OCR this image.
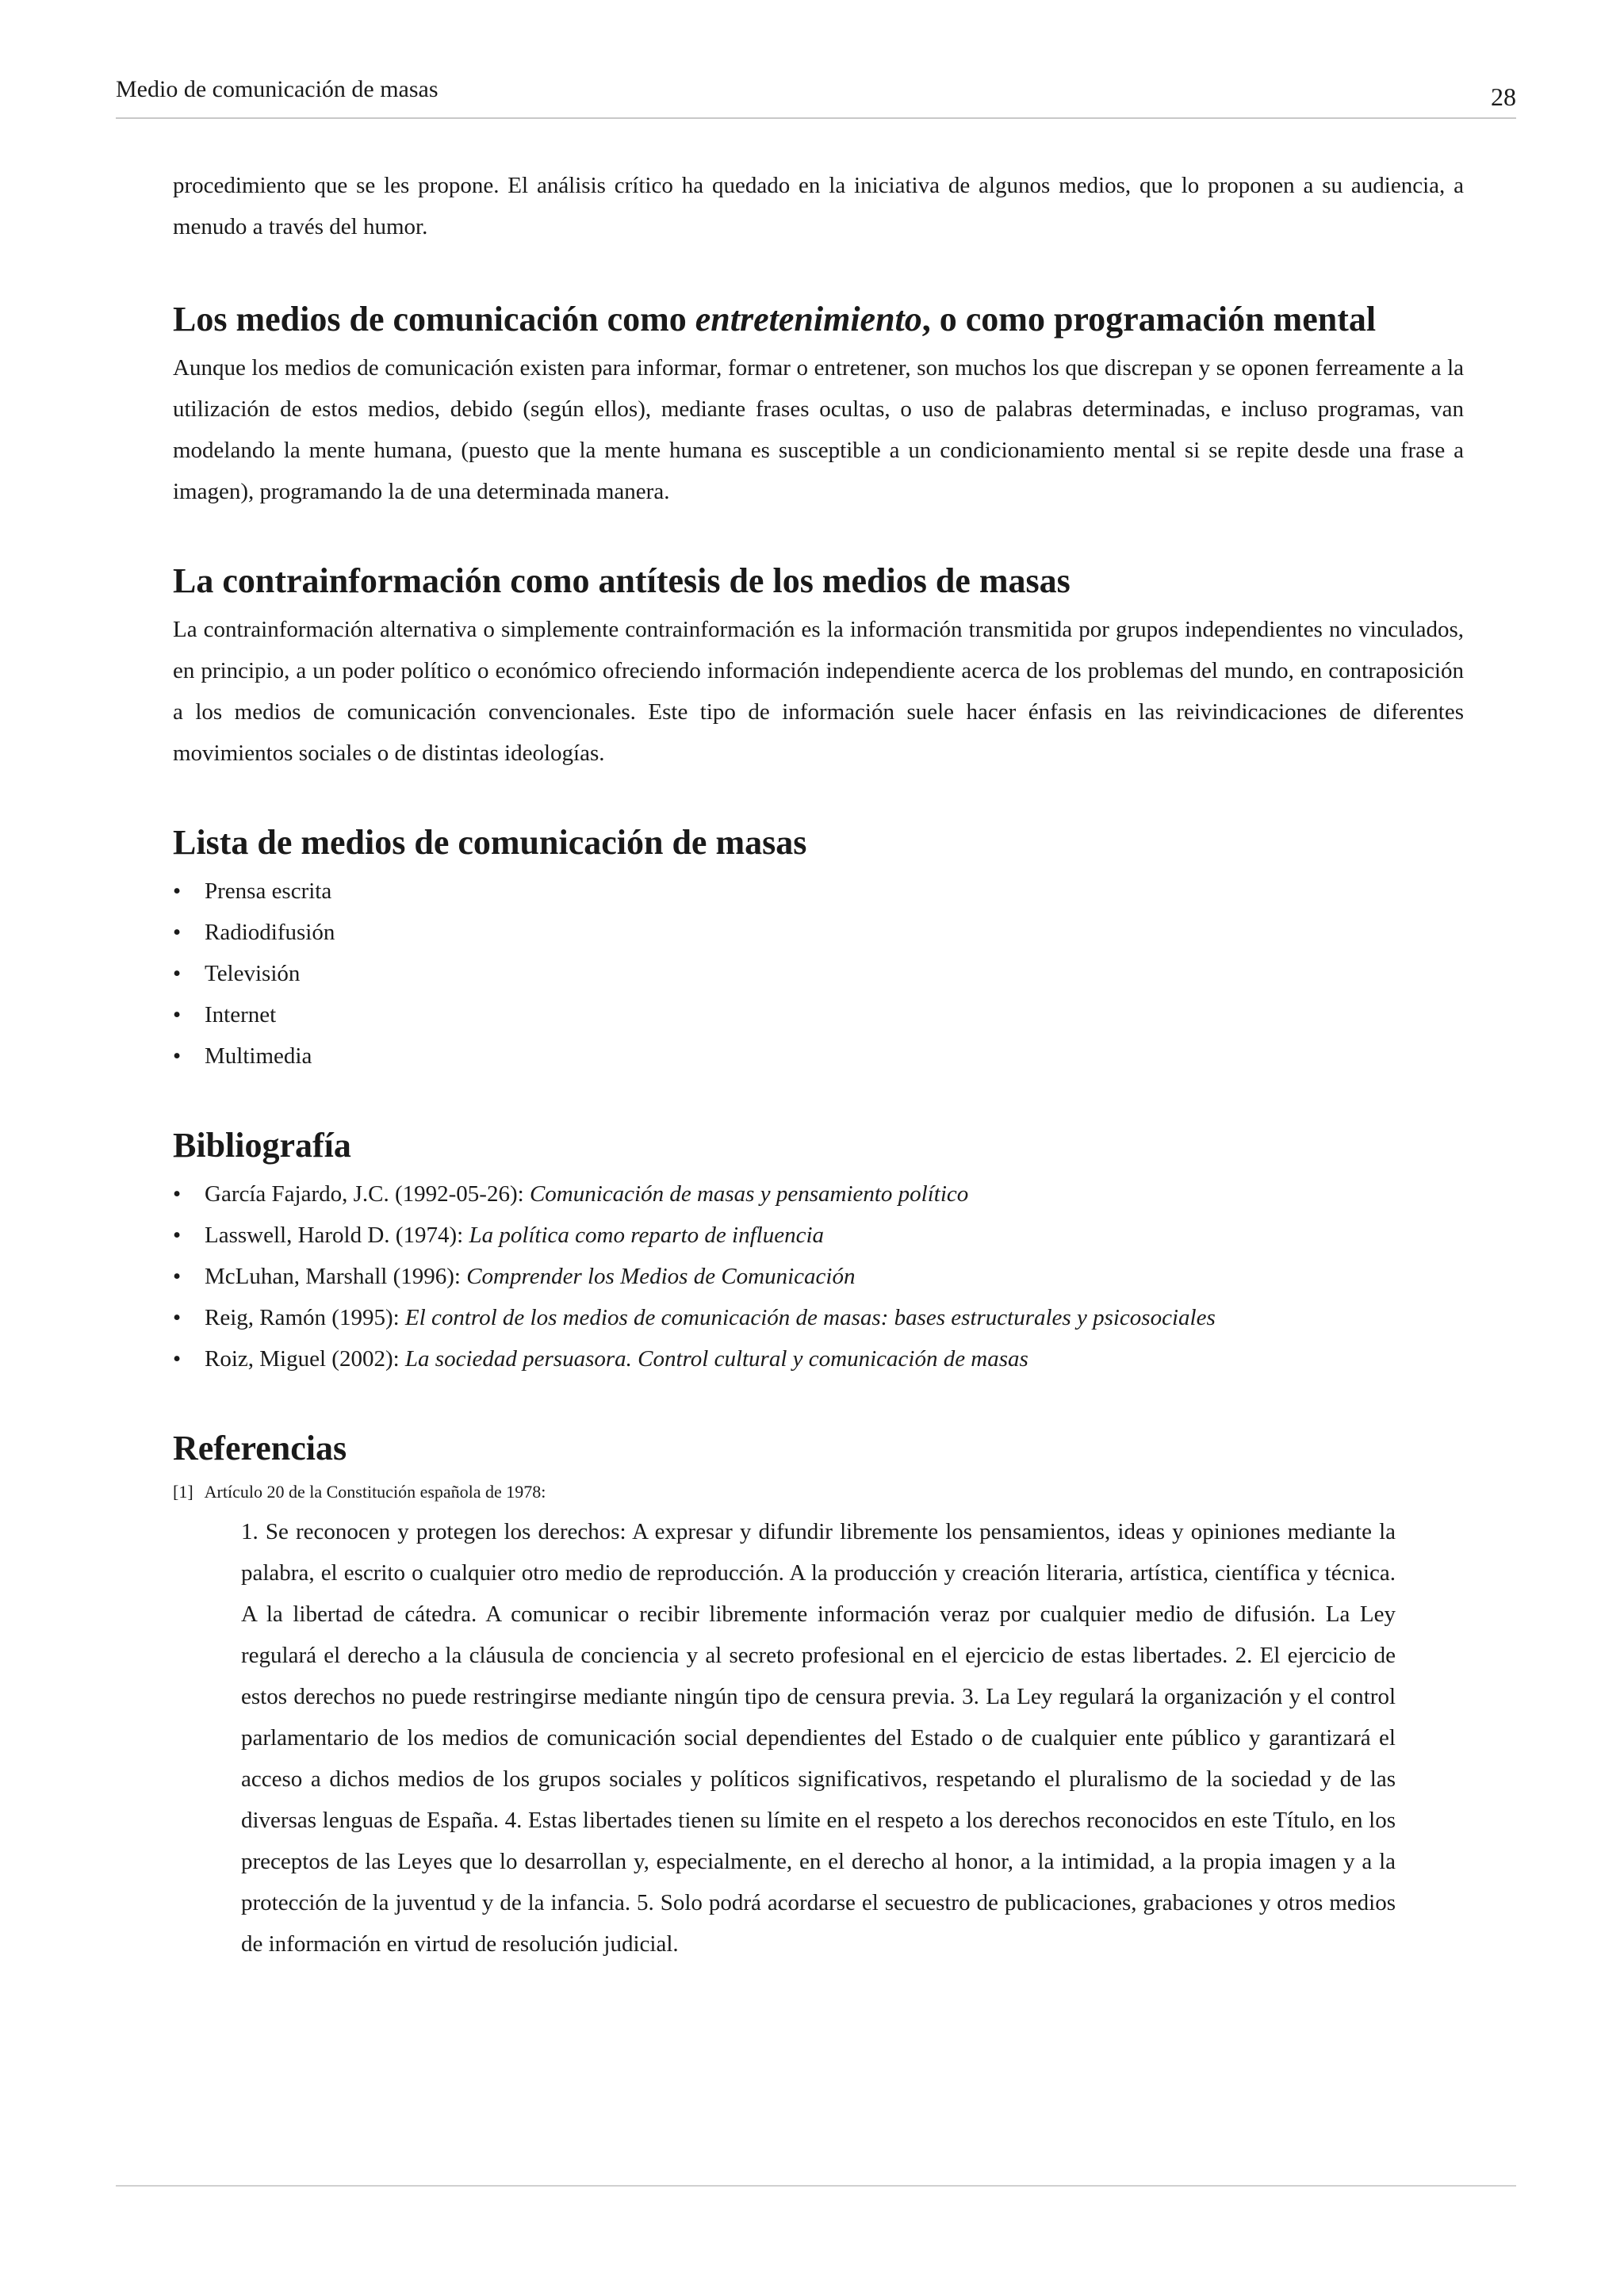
Medio de comunicación de masas	28

procedimiento que se les propone. El análisis crítico ha quedado en la iniciativa de algunos medios, que lo proponen a su audiencia, a menudo a través del humor.

Los medios de comunicación como entretenimiento, o como programación mental

Aunque los medios de comunicación existen para informar, formar o entretener, son muchos los que discrepan y se oponen ferreamente a la utilización de estos medios, debido (según ellos), mediante frases ocultas, o uso de palabras determinadas, e incluso programas, van modelando la mente humana, (puesto que la mente humana es susceptible a un condicionamiento mental si se repite desde una frase a imagen), programando la de una determinada manera.

La contrainformación como antítesis de los medios de masas

La contrainformación alternativa o simplemente contrainformación es la información transmitida por grupos independientes no vinculados, en principio, a un poder político o económico ofreciendo información independiente acerca de los problemas del mundo, en contraposición a los medios de comunicación convencionales. Este tipo de información suele hacer énfasis en las reivindicaciones de diferentes movimientos sociales o de distintas ideologías.

Lista de medios de comunicación de masas
• Prensa escrita
• Radiodifusión
• Televisión
• Internet
• Multimedia
Bibliografía
• García Fajardo, J.C. (1992-05-26): Comunicación de masas y pensamiento político
• Lasswell, Harold D. (1974): La política como reparto de influencia
• McLuhan, Marshall (1996): Comprender los Medios de Comunicación
• Reig, Ramón (1995): El control de los medios de comunicación de masas: bases estructurales y psicosociales
• Roiz, Miguel (2002): La sociedad persuasora. Control cultural y comunicación de masas
Referencias

[1] Artículo 20 de la Constitución española de 1978:

1. Se reconocen y protegen los derechos: A expresar y difundir libremente los pensamientos, ideas y opiniones mediante la palabra, el escrito o cualquier otro medio de reproducción. A la producción y creación literaria, artística, científica y técnica. A la libertad de cátedra. A comunicar o recibir libremente información veraz por cualquier medio de difusión. La Ley regulará el derecho a la cláusula de conciencia y al secreto profesional en el ejercicio de estas libertades. 2. El ejercicio de estos derechos no puede restringirse mediante ningún tipo de censura previa. 3. La Ley regulará la organización y el control parlamentario de los medios de comunicación social dependientes del Estado o de cualquier ente público y garantizará el acceso a dichos medios de los grupos sociales y políticos significativos, respetando el pluralismo de la sociedad y de las diversas lenguas de España. 4. Estas libertades tienen su límite en el respeto a los derechos reconocidos en este Título, en los preceptos de las Leyes que lo desarrollan y, especialmente, en el derecho al honor, a la intimidad, a la propia imagen y a la protección de la juventud y de la infancia. 5. Solo podrá acordarse el secuestro de publicaciones, grabaciones y otros medios de información en virtud de resolución judicial.
